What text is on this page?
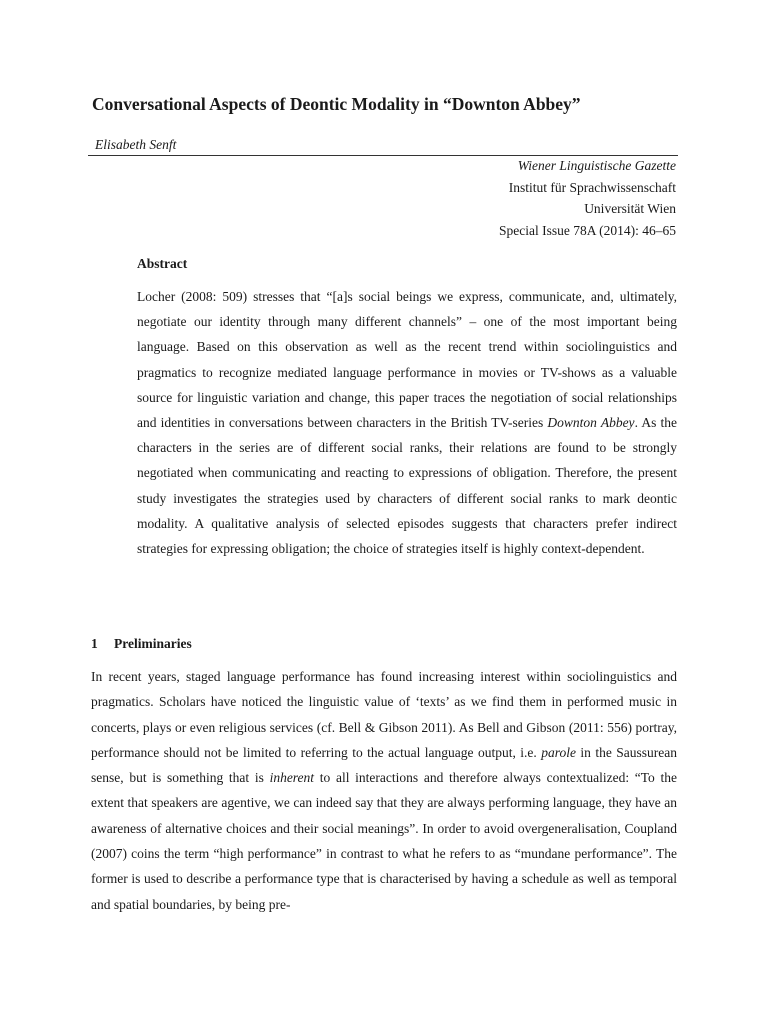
Conversational Aspects of Deontic Modality in “Downton Abbey”
Elisabeth Senft
Wiener Linguistische Gazette
Institut für Sprachwissenschaft
Universität Wien
Special Issue 78A (2014): 46–65
Abstract

Locher (2008: 509) stresses that “[a]s social beings we express, communicate, and, ultimately, negotiate our identity through many different channels” – one of the most important being language. Based on this observation as well as the recent trend within sociolinguistics and pragmatics to recognize mediated language performance in movies or TV-shows as a valuable source for linguistic variation and change, this paper traces the negotiation of social relationships and identities in conversations between characters in the British TV-series Downton Abbey. As the characters in the series are of different social ranks, their relations are found to be strongly negotiated when communicating and reacting to expressions of obligation. Therefore, the present study investigates the strategies used by characters of different social ranks to mark deontic modality. A qualitative analysis of selected episodes suggests that characters prefer indirect strategies for expressing obligation; the choice of strategies itself is highly context-dependent.

1 Preliminaries

In recent years, staged language performance has found increasing interest within sociolinguistics and pragmatics. Scholars have noticed the linguistic value of ‘texts’ as we find them in performed music in concerts, plays or even religious services (cf. Bell & Gibson 2011). As Bell and Gibson (2011: 556) portray, performance should not be limited to referring to the actual language output, i.e. parole in the Saussurean sense, but is something that is inherent to all interactions and therefore always contextualized: “To the extent that speakers are agentive, we can indeed say that they are always performing language, they have an awareness of alternative choices and their social meanings”. In order to avoid overgeneralisation, Coupland (2007) coins the term “high performance” in contrast to what he refers to as “mundane performance”. The former is used to describe a performance type that is characterised by having a schedule as well as temporal and spatial boundaries, by being pre-
